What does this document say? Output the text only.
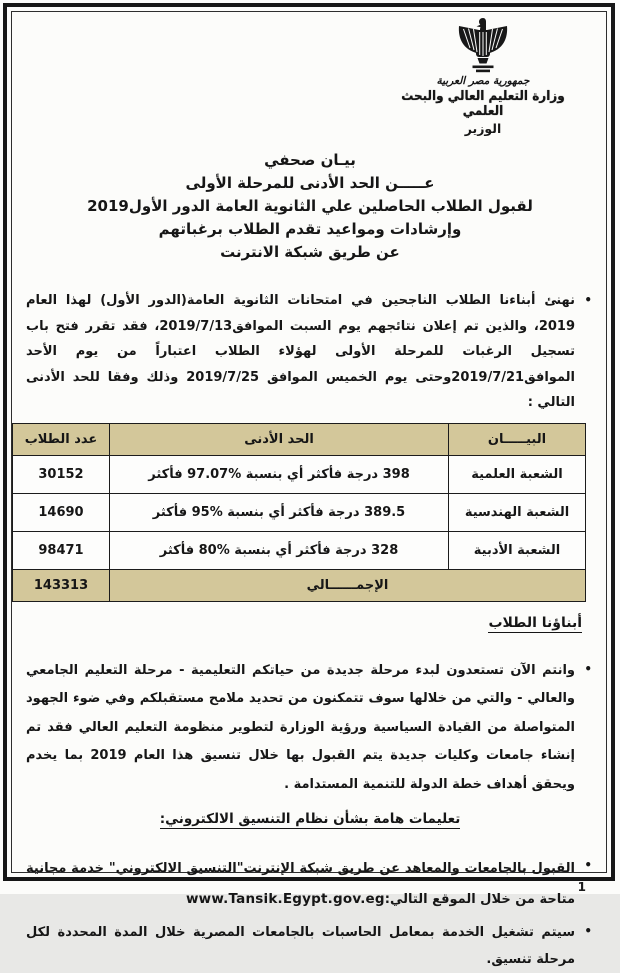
جمهورية مصر العربية
وزارة التعليم العالي والبحث العلمي
الوزير
بيـان صحفي
عـــــن الحد الأدنى للمرحلة الأولى
لقبول الطلاب الحاصلين علي الثانوية العامة الدور الأول2019
وإرشادات ومواعيد تقدم الطلاب برغباتهم
عن طريق شبكة الانترنت
•

نهنئ أبناءنا الطلاب الناجحين في امتحانات الثانوية العامة(الدور الأول) لهذا العام 2019، والذين تم إعلان نتائجهم يوم السبت الموافق2019/7/13، فقد تقرر فتح باب تسجيل الرغبات للمرحلة الأولى لهؤلاء الطلاب اعتباراً من يوم الأحد الموافق2019/7/21وحتى يوم الخميس الموافق 2019/7/25 وذلك وفقا للحد الأدنى التالي :

البيـــــان	الحد الأدنى	عدد الطلاب
الشعبة العلمية	398 درجة فأكثر أي بنسبة %97.07 فأكثر	30152
الشعبة الهندسية	389.5 درجة فأكثر أي بنسبة %95 فأكثر	14690
الشعبة الأدبية	328 درجة فأكثر أي بنسبة %80 فأكثر	98471
الإجمــــــالي		143313
أبناؤنا الطلاب
•

وانتم الآن تستعدون لبدء مرحلة جديدة من حياتكم التعليمية - مرحلة التعليم الجامعي والعالي - والتي من خلالها سوف تتمكنون من تحديد ملامح مستقبلكم وفي ضوء الجهود المتواصلة من القيادة السياسية ورؤية الوزارة لتطوير منظومة التعليم العالي فقد تم إنشاء جامعات وكليات جديدة يتم القبول بها خلال تنسيق هذا العام 2019 بما يخدم ويحقق أهداف خطة الدولة للتنمية المستدامة .

تعليمات هامة بشأن نظام التنسيق الالكتروني:
•

القبول بالجامعات والمعاهد عن طريق شبكة الإنترنت"التنسيق الالكتروني" خدمة مجانية متاحة من خلال الموقع التالي:www.Tansik.Egypt.gov.eg

•

سيتم تشغيل الخدمة بمعامل الحاسبات بالجامعات المصرية خلال المدة المحددة لكل مرحلة تنسيق.

1
